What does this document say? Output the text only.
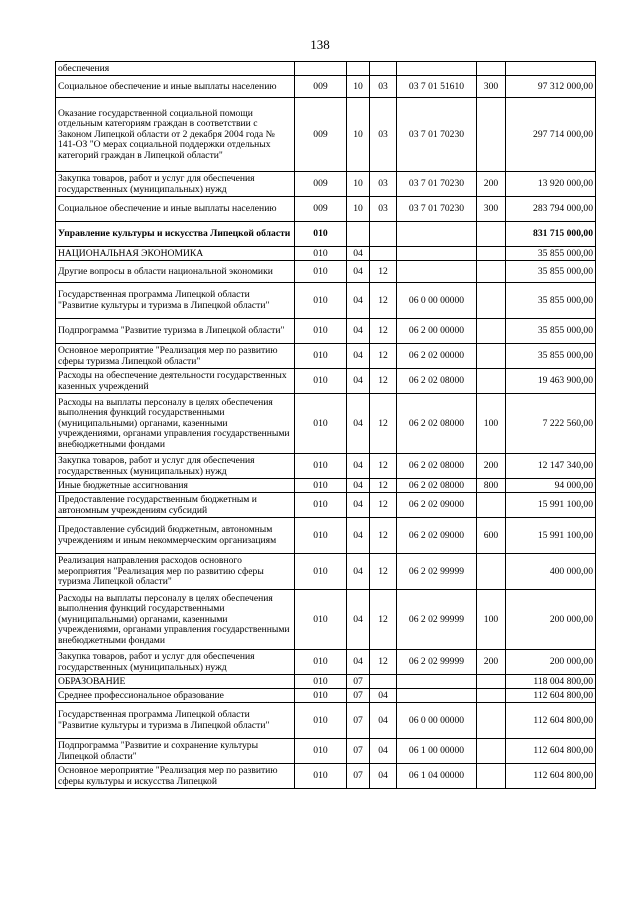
138
обеспечения						
Социальное обеспечение и иные выплаты населению	009	10	03	03 7 01 51610	300	97 312 000,00
Оказание государственной социальной помощи отдельным категориям граждан в соответствии с Законом Липецкой области от 2 декабря 2004 года № 141-ОЗ "О мерах социальной поддержки отдельных категорий граждан в Липецкой области"	009	10	03	03 7 01 70230		297 714 000,00
Закупка товаров, работ и услуг для обеспечения государственных (муниципальных) нужд	009	10	03	03 7 01 70230	200	13 920 000,00
Социальное обеспечение и иные выплаты населению	009	10	03	03 7 01 70230	300	283 794 000,00
Управление культуры и искусства Липецкой области	010					831 715 000,00
НАЦИОНАЛЬНАЯ ЭКОНОМИКА	010	04				35 855 000,00
Другие вопросы в области национальной экономики	010	04	12			35 855 000,00
Государственная программа Липецкой области "Развитие культуры и туризма в Липецкой области"	010	04	12	06 0 00 00000		35 855 000,00
Подпрограмма "Развитие туризма в Липецкой области"	010	04	12	06 2 00 00000		35 855 000,00
Основное мероприятие "Реализация мер по развитию сферы туризма Липецкой области"	010	04	12	06 2 02 00000		35 855 000,00
Расходы на обеспечение деятельности государственных казенных учреждений	010	04	12	06 2 02 08000		19 463 900,00
Расходы на выплаты персоналу в целях обеспечения выполнения функций государственными (муниципальными) органами, казенными учреждениями, органами управления государственными внебюджетными фондами	010	04	12	06 2 02 08000	100	7 222 560,00
Закупка товаров, работ и услуг для обеспечения государственных (муниципальных) нужд	010	04	12	06 2 02 08000	200	12 147 340,00
Иные бюджетные ассигнования	010	04	12	06 2 02 08000	800	94 000,00
Предоставление государственным бюджетным и автономным учреждениям субсидий	010	04	12	06 2 02 09000		15 991 100,00
Предоставление субсидий бюджетным, автономным учреждениям и иным некоммерческим организациям	010	04	12	06 2 02 09000	600	15 991 100,00
Реализация направления расходов основного мероприятия "Реализация мер по развитию сферы туризма Липецкой области"	010	04	12	06 2 02 99999		400 000,00
Расходы на выплаты персоналу в целях обеспечения выполнения функций государственными (муниципальными) органами, казенными учреждениями, органами управления государственными внебюджетными фондами	010	04	12	06 2 02 99999	100	200 000,00
Закупка товаров, работ и услуг для обеспечения государственных (муниципальных) нужд	010	04	12	06 2 02 99999	200	200 000,00
ОБРАЗОВАНИЕ	010	07				118 004 800,00
Среднее профессиональное образование	010	07	04			112 604 800,00
Государственная программа Липецкой области "Развитие культуры и туризма в Липецкой области"	010	07	04	06 0 00 00000		112 604 800,00
Подпрограмма "Развитие и сохранение культуры Липецкой области"	010	07	04	06 1 00 00000		112 604 800,00
Основное мероприятие "Реализация мер по развитию сферы культуры и искусства Липецкой	010	07	04	06 1 04 00000		112 604 800,00
